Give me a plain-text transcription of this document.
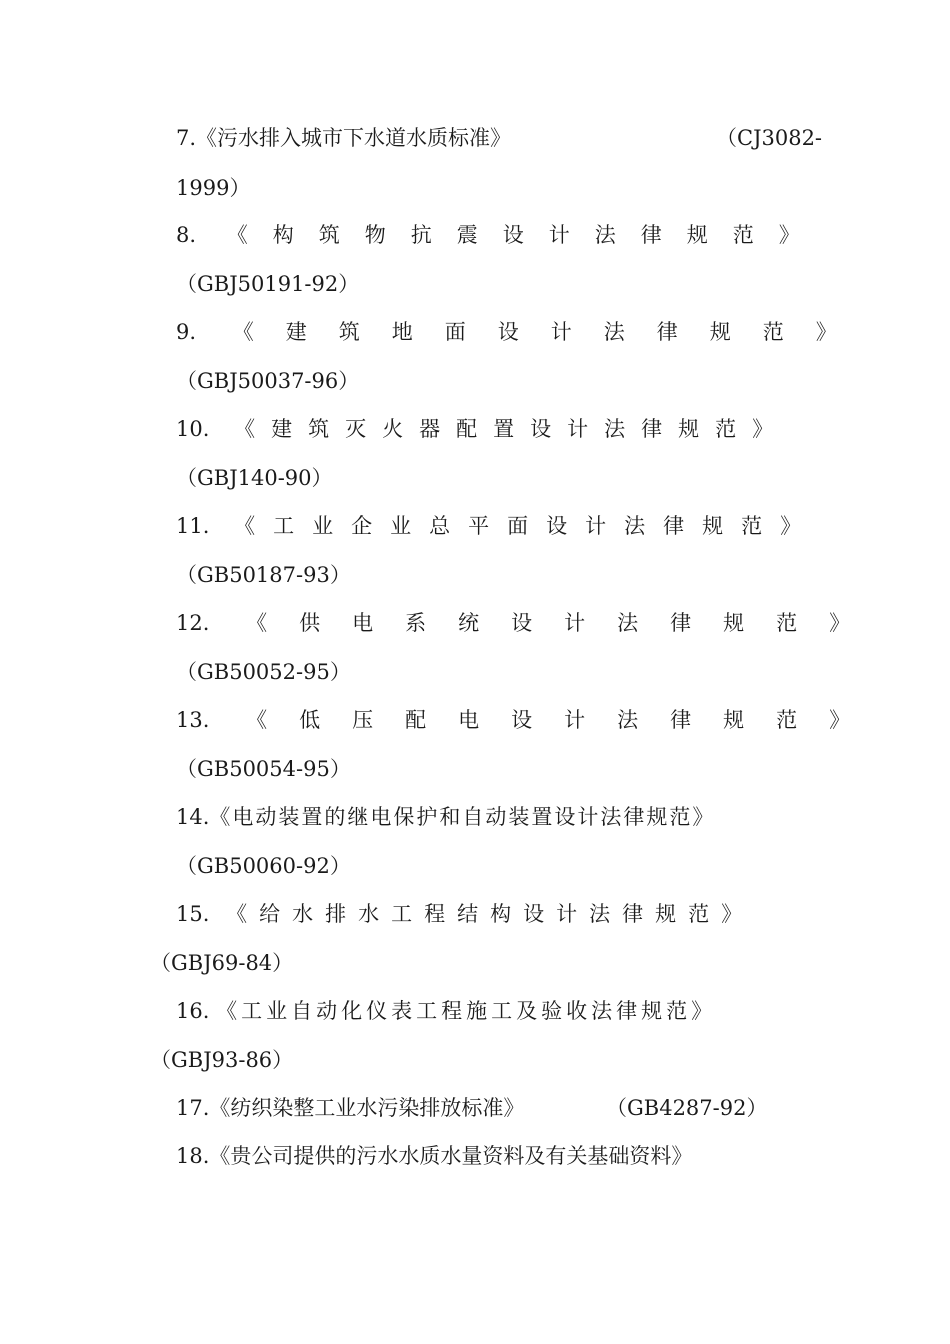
7.《污水排入城市下水道水质标准》	（CJ3082-
1999）
8. 《构筑物抗震设计法律规范》
（GBJ50191-92）
9. 《建筑地面设计法律规范》
（GBJ50037-96）
10. 《建筑灭火器配置设计法律规范》
（GBJ140-90）
11. 《工业企业总平面设计法律规范》
（GB50187-93）
12. 《供电系统设计法律规范》
（GB50052-95）
13. 《低压配电设计法律规范》
（GB50054-95）
14.《电动装置的继电保护和自动装置设计法律规范》
（GB50060-92）
15. 《给水排水工程结构设计法律规范》
（GBJ69-84）
16. 《工业自动化仪表工程施工及验收法律规范》
（GBJ93-86）
17.《纺织染整工业水污染排放标准》	（GB4287-92）
18.《贵公司提供的污水水质水量资料及有关基础资料》
